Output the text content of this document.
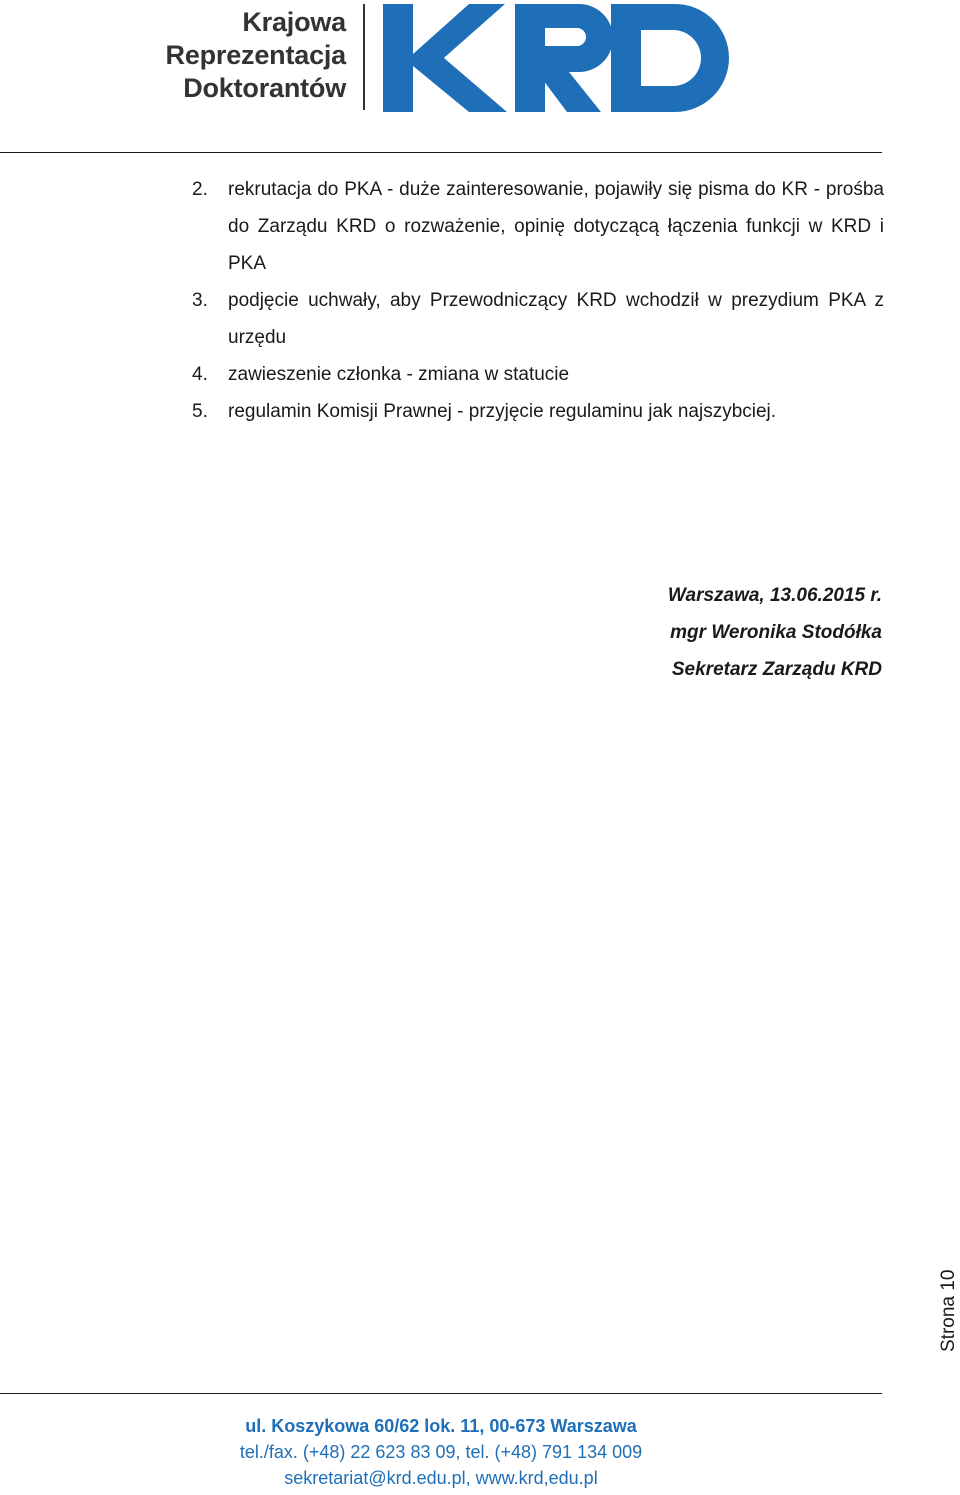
Krajowa
Reprezentacja
Doktorantów
2. rekrutacja do PKA - duże zainteresowanie, pojawiły się pisma do KR - prośba do Zarządu KRD o rozważenie, opinię dotyczącą łączenia funkcji w KRD i PKA
3. podjęcie uchwały, aby Przewodniczący KRD wchodził w prezydium PKA z urzędu
4. zawieszenie członka - zmiana w statucie
5. regulamin Komisji Prawnej - przyjęcie regulaminu jak najszybciej.
Warszawa, 13.06.2015 r.
mgr Weronika Stodółka
Sekretarz Zarządu KRD
Strona 10
ul. Koszykowa 60/62 lok. 11, 00-673 Warszawa
tel./fax. (+48) 22 623 83 09, tel. (+48) 791 134 009
sekretariat@krd.edu.pl, www.krd,edu.pl
